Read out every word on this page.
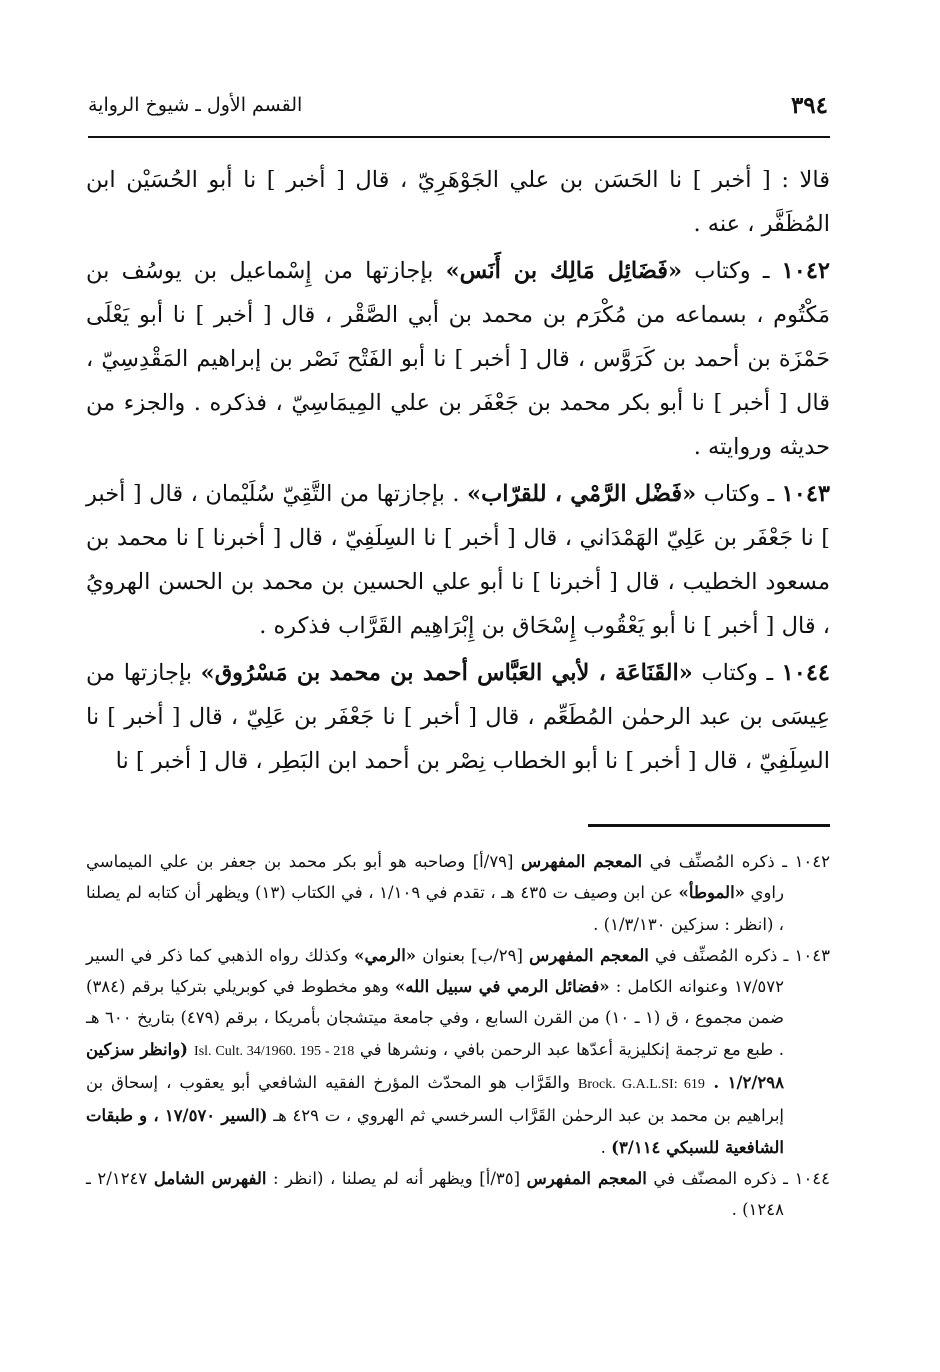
٣٩٤
القسم الأول ـ شيوخ الرواية

قالا : [ أخبر ] نا الحَسَن بن علي الجَوْهَرِيّ ، قال [ أخبر ] نا أبو الحُسَيْن ابن المُظَفَّر ، عنه .

١٠٤٢ ـ وكتاب «فَضَائِل مَالِك بن أَنَس» بإجازتها من إِسْماعيل بن يوسُف بن مَكْتُوم ، بسماعه من مُكْرَم بن محمد بن أبي الصَّقْر ، قال [ أخبر ] نا أبو يَعْلَى حَمْزَة بن أحمد بن كَرَوَّس ، قال [ أخبر ] نا أبو الفَتْح نَصْر بن إبراهيم المَقْدِسِيّ ، قال [ أخبر ] نا أبو بكر محمد بن جَعْفَر بن علي المِيمَاسِيّ ، فذكره . والجزء من حديثه وروايته .

١٠٤٣ ـ وكتاب «فَضْل الرَّمْي ، للقرّاب» . بإجازتها من التَّقِيّ سُلَيْمان ، قال [ أخبر ] نا جَعْفَر بن عَلِيّ الهَمْدَاني ، قال [ أخبر ] نا السِلَفِيّ ، قال [ أخبرنا ] نا محمد بن مسعود الخطيب ، قال [ أخبرنا ] نا أبو علي الحسين بن محمد بن الحسن الهرويُ ، قال [ أخبر ] نا أبو يَعْقُوب إِسْحَاق بن إِبْرَاهِيم القَرَّاب فذكره .

١٠٤٤ ـ وكتاب «القَنَاعَة ، لأبي العَبَّاس أحمد بن محمد بن مَسْرُوق» بإجازتها من عِيسَى بن عبد الرحمٰن المُطَعِّم ، قال [ أخبر ] نا جَعْفَر بن عَلِيّ ، قال [ أخبر ] نا السِلَفِيّ ، قال [ أخبر ] نا أبو الخطاب نِصْر بن أحمد ابن البَطِر ، قال [ أخبر ] نا

١٠٤٢ ـ ذكره المُصنِّف في المعجم المفهرس [٧٩/أ] وصاحبه هو أبو بكر محمد بن جعفر بن علي الميماسي راوي «الموطأ» عن ابن وصيف ت ٤٣٥ هـ ، تقدم في ١/١٠٩ ، في الكتاب (١٣) ويظهر أن كتابه لم يصلنا ، (انظر : سزكين ١/٣/١٣٠) .

١٠٤٣ ـ ذكره المُصنِّف في المعجم المفهرس [٢٩/ب] بعنوان «الرمي» وكذلك رواه الذهبي كما ذكر في السير ١٧/٥٧٢ وعنوانه الكامل : «فضائل الرمي في سبيل الله» وهو مخطوط في كوبريلي بتركيا برقم (٣٨٤) ضمن مجموع ، ق (١ ـ ١٠) من القرن السابع ، وفي جامعة ميتشجان بأمريكا ، برقم (٤٧٩) بتاريخ ٦٠٠ هـ . طبع مع ترجمة إنكليزية أعدّها عبد الرحمن بافي ، ونشرها في Isl. Cult. 34/1960. 195 - 218 (وانظر سزكين ١/٢/٢٩٨ . Brock. G.A.L.SI: 619 والقَرَّاب هو المحدّث المؤرخ الفقيه الشافعي أبو يعقوب ، إسحاق بن إبراهيم بن محمد بن عبد الرحمٰن القَرَّاب السرخسي ثم الهروي ، ت ٤٢٩ هـ (السير ١٧/٥٧٠ ، و طبقات الشافعية للسبكي ٣/١١٤) .

١٠٤٤ ـ ذكره المصنّف في المعجم المفهرس [٣٥/أ] ويظهر أنه لم يصلنا ، (انظر : الفهرس الشامل ٢/١٢٤٧ ـ ١٢٤٨) .
